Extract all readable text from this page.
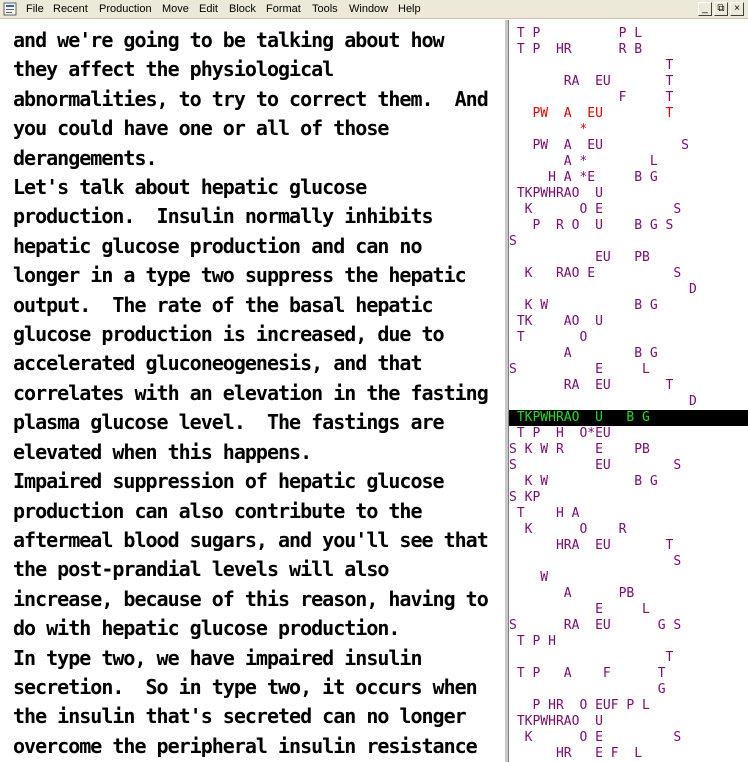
File Recent Production Move Edit Block Format Tools Window Help	_ ⧉ ×
and we're going to be talking about how
they affect the physiological
abnormalities, to try to correct them.  And
you could have one or all of those
derangements.
Let's talk about hepatic glucose
production.  Insulin normally inhibits
hepatic glucose production and can no
longer in a type two suppress the hepatic
output.  The rate of the basal hepatic
glucose production is increased, due to
accelerated gluconeogenesis, and that
correlates with an elevation in the fasting
plasma glucose level.  The fastings are
elevated when this happens.
Impaired suppression of hepatic glucose
production can also contribute to the
aftermeal blood sugars, and you'll see that
the post-prandial levels will also
increase, because of this reason, having to
do with hepatic glucose production.
In type two, we have impaired insulin
secretion.  So in type two, it occurs when
the insulin that's secreted can no longer
overcome the peripheral insulin resistance
T P          P L
T P  HR      R B
T
RA  EU       T
F     T
PW  A  EU        T
*
PW  A  EU          S
A *        L
H A *E     B G
TKPWHRAO  U
K      O E         S
P  R O  U    B G S
S
EU   PB
K   RAO E          S
D
K W           B G
TK    AO  U
T       O
A        B G
S          E     L
RA  EU       T
D
TKPWHRAO  U   B G
T P  H  O*EU
S K W R    E    PB
S          EU        S
K W           B G
S KP
T    H A
K      O    R
HRA  EU       T
S
W
A      PB
E     L
S      RA  EU      G S
T P H
T
T P   A    F      T
G
P HR  O EUF P L
TKPWHRAO  U
K      O E         S
HR   E F  L
